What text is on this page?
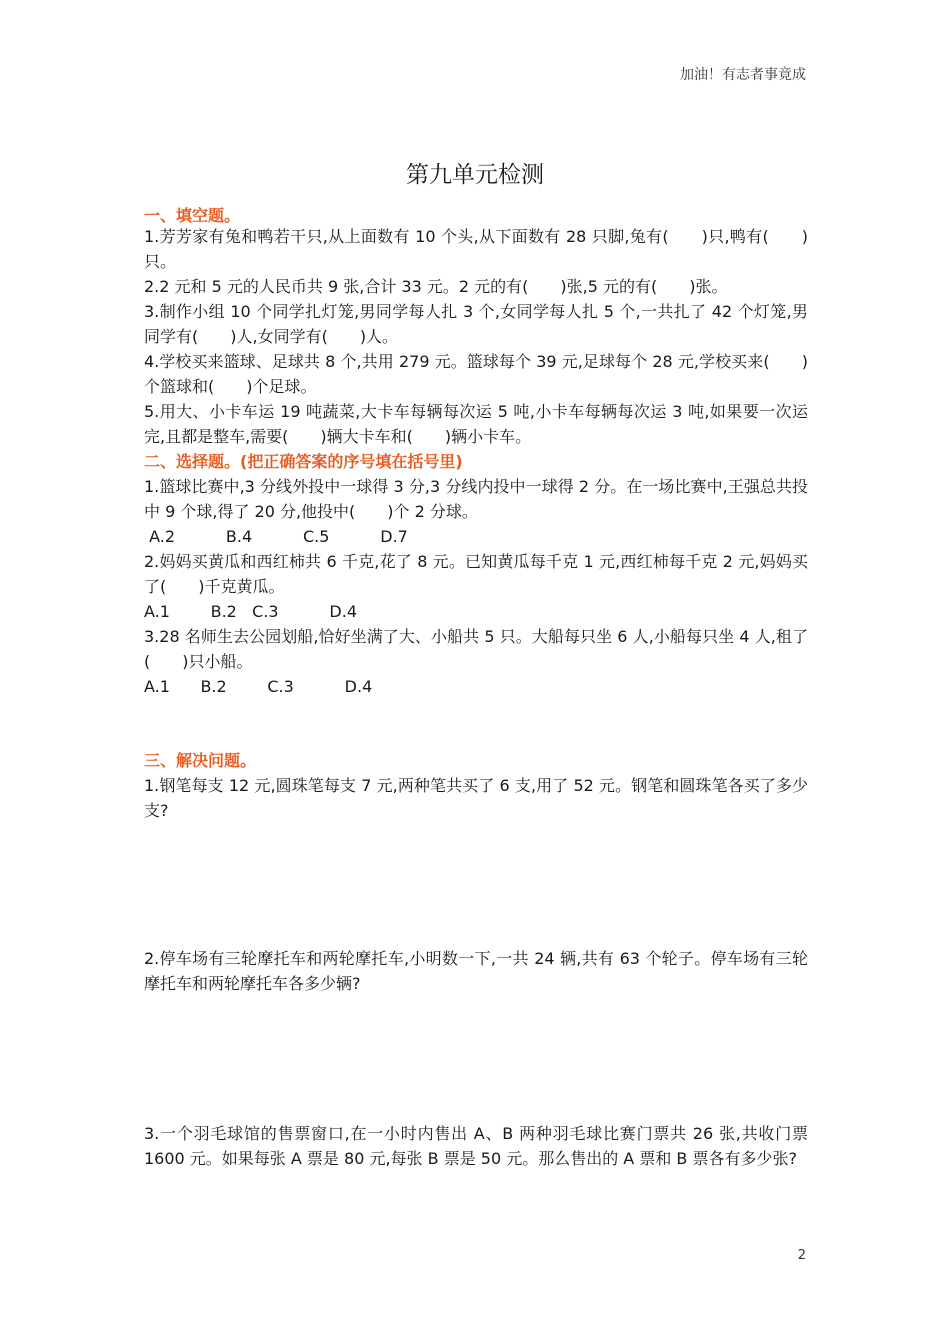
加油！有志者事竟成
第九单元检测
一、填空题。
1.芳芳家有兔和鸭若干只,从上面数有 10 个头,从下面数有 28 只脚,兔有(　　)只,鸭有(　　)只。
2.2 元和 5 元的人民币共 9 张,合计 33 元。2 元的有(　　)张,5 元的有(　　)张。
3.制作小组 10 个同学扎灯笼,男同学每人扎 3 个,女同学每人扎 5 个,一共扎了 42 个灯笼,男同学有(　　)人,女同学有(　　)人。
4.学校买来篮球、足球共 8 个,共用 279 元。篮球每个 39 元,足球每个 28 元,学校买来(　　)个篮球和(　　)个足球。
5.用大、小卡车运 19 吨蔬菜,大卡车每辆每次运 5 吨,小卡车每辆每次运 3 吨,如果要一次运完,且都是整车,需要(　　)辆大卡车和(　　)辆小卡车。
二、选择题。(把正确答案的序号填在括号里)
1.篮球比赛中,3 分线外投中一球得 3 分,3 分线内投中一球得 2 分。在一场比赛中,王强总共投中 9 个球,得了 20 分,他投中(　　)个 2 分球。
A.2          B.4          C.5          D.7
2.妈妈买黄瓜和西红柿共 6 千克,花了 8 元。已知黄瓜每千克 1 元,西红柿每千克 2 元,妈妈买了(　　)千克黄瓜。
A.1        B.2   C.3          D.4
3.28 名师生去公园划船,恰好坐满了大、小船共 5 只。大船每只坐 6 人,小船每只坐 4 人,租了(　　)只小船。
A.1      B.2        C.3          D.4
三、解决问题。
1.钢笔每支 12 元,圆珠笔每支 7 元,两种笔共买了 6 支,用了 52 元。钢笔和圆珠笔各买了多少支?
2.停车场有三轮摩托车和两轮摩托车,小明数一下,一共 24 辆,共有 63 个轮子。停车场有三轮摩托车和两轮摩托车各多少辆?
3.一个羽毛球馆的售票窗口,在一小时内售出 A、B 两种羽毛球比赛门票共 26 张,共收门票 1600 元。如果每张 A 票是 80 元,每张 B 票是 50 元。那么售出的 A 票和 B 票各有多少张?
2
